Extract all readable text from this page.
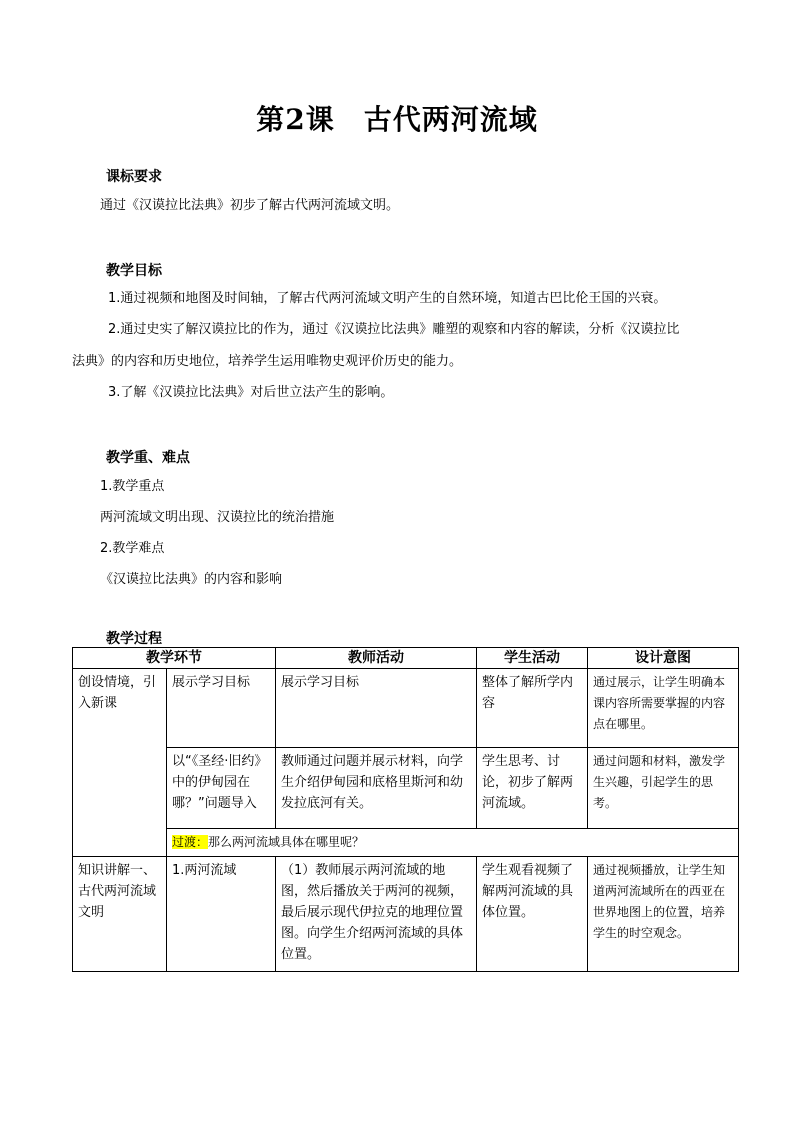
第2课　古代两河流域
课标要求
通过《汉谟拉比法典》初步了解古代两河流域文明。
教学目标
1.通过视频和地图及时间轴，了解古代两河流域文明产生的自然环境，知道古巴比伦王国的兴衰。
2.通过史实了解汉谟拉比的作为，通过《汉谟拉比法典》雕塑的观察和内容的解读，分析《汉谟拉比
法典》的内容和历史地位，培养学生运用唯物史观评价历史的能力。
3.了解《汉谟拉比法典》对后世立法产生的影响。
教学重、难点
1.教学重点
两河流域文明出现、汉谟拉比的统治措施
2.教学难点
《汉谟拉比法典》的内容和影响
教学过程
教学环节		教师活动	学生活动	设计意图
创设情境，引入新课	展示学习目标	展示学习目标	整体了解所学内容	通过展示，让学生明确本课内容所需要掌握的内容点在哪里。
	以“《圣经·旧约》中的伊甸园在哪？”问题导入	教师通过问题并展示材料，向学生介绍伊甸园和底格里斯河和幼发拉底河有关。	学生思考、讨论，初步了解两河流域。	通过问题和材料，激发学生兴趣，引起学生的思考。
	过渡：那么两河流域具体在哪里呢？			
知识讲解一、古代两河流域文明	1.两河流域	（1）教师展示两河流域的地图，然后播放关于两河的视频，最后展示现代伊拉克的地理位置图。向学生介绍两河流域的具体位置。	学生观看视频了解两河流域的具体位置。	通过视频播放，让学生知道两河流域所在的西亚在世界地图上的位置，培养学生的时空观念。
